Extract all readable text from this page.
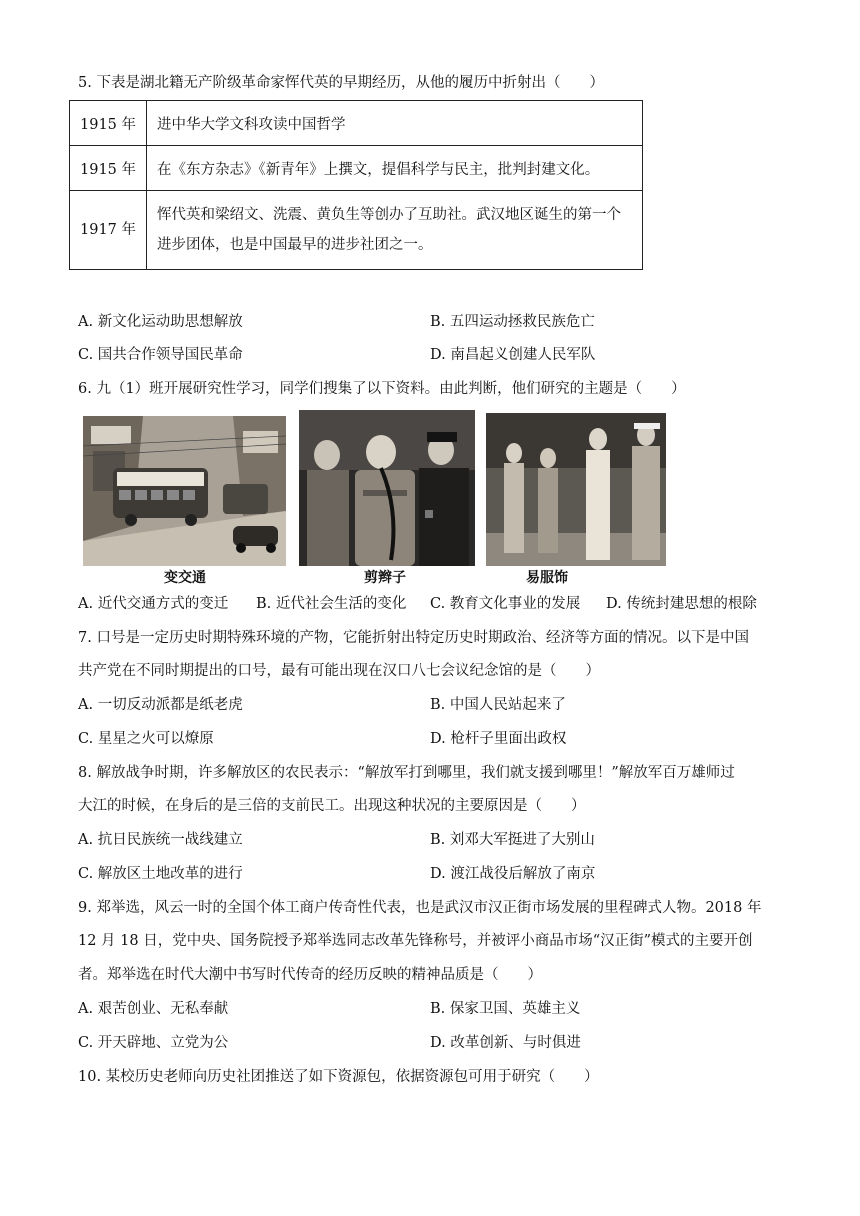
5. 下表是湖北籍无产阶级革命家恽代英的早期经历，从他的履历中折射出（　　）
1915 年	进中华大学文科攻读中国哲学
1915 年	在《东方杂志》《新青年》上撰文，提倡科学与民主，批判封建文化。
1917 年	恽代英和梁绍文、洗震、黄负生等创办了互助社。武汉地区诞生的第一个
进步团体，也是中国最早的进步社团之一。
A. 新文化运动助思想解放	B. 五四运动拯救民族危亡
C. 国共合作领导国民革命	D. 南昌起义创建人民军队
6. 九（1）班开展研究性学习，同学们搜集了以下资料。由此判断，他们研究的主题是（　　）
变交通	剪辫子	易服饰
A. 近代交通方式的变迁 B. 近代社会生活的变化 C. 教育文化事业的发展 D. 传统封建思想的根除
7. 口号是一定历史时期特殊环境的产物，它能折射出特定历史时期政治、经济等方面的情况。以下是中国
共产党在不同时期提出的口号，最有可能出现在汉口八七会议纪念馆的是（　　）
A. 一切反动派都是纸老虎	B. 中国人民站起来了
C. 星星之火可以燎原	D. 枪杆子里面出政权
8. 解放战争时期，许多解放区的农民表示：“解放军打到哪里，我们就支援到哪里！”解放军百万雄师过
大江的时候，在身后的是三倍的支前民工。出现这种状况的主要原因是（　　）
A. 抗日民族统一战线建立	B. 刘邓大军挺进了大别山
C. 解放区土地改革的进行	D. 渡江战役后解放了南京
9. 郑举选，风云一时的全国个体工商户传奇性代表，也是武汉市汉正街市场发展的里程碑式人物。2018 年
12 月 18 日，党中央、国务院授予郑举选同志改革先锋称号，并被评小商品市场“汉正街”模式的主要开创
者。郑举选在时代大潮中书写时代传奇的经历反映的精神品质是（　　）
A. 艰苦创业、无私奉献	B. 保家卫国、英雄主义
C. 开天辟地、立党为公	D. 改革创新、与时俱进
10. 某校历史老师向历史社团推送了如下资源包，依据资源包可用于研究（　　）
